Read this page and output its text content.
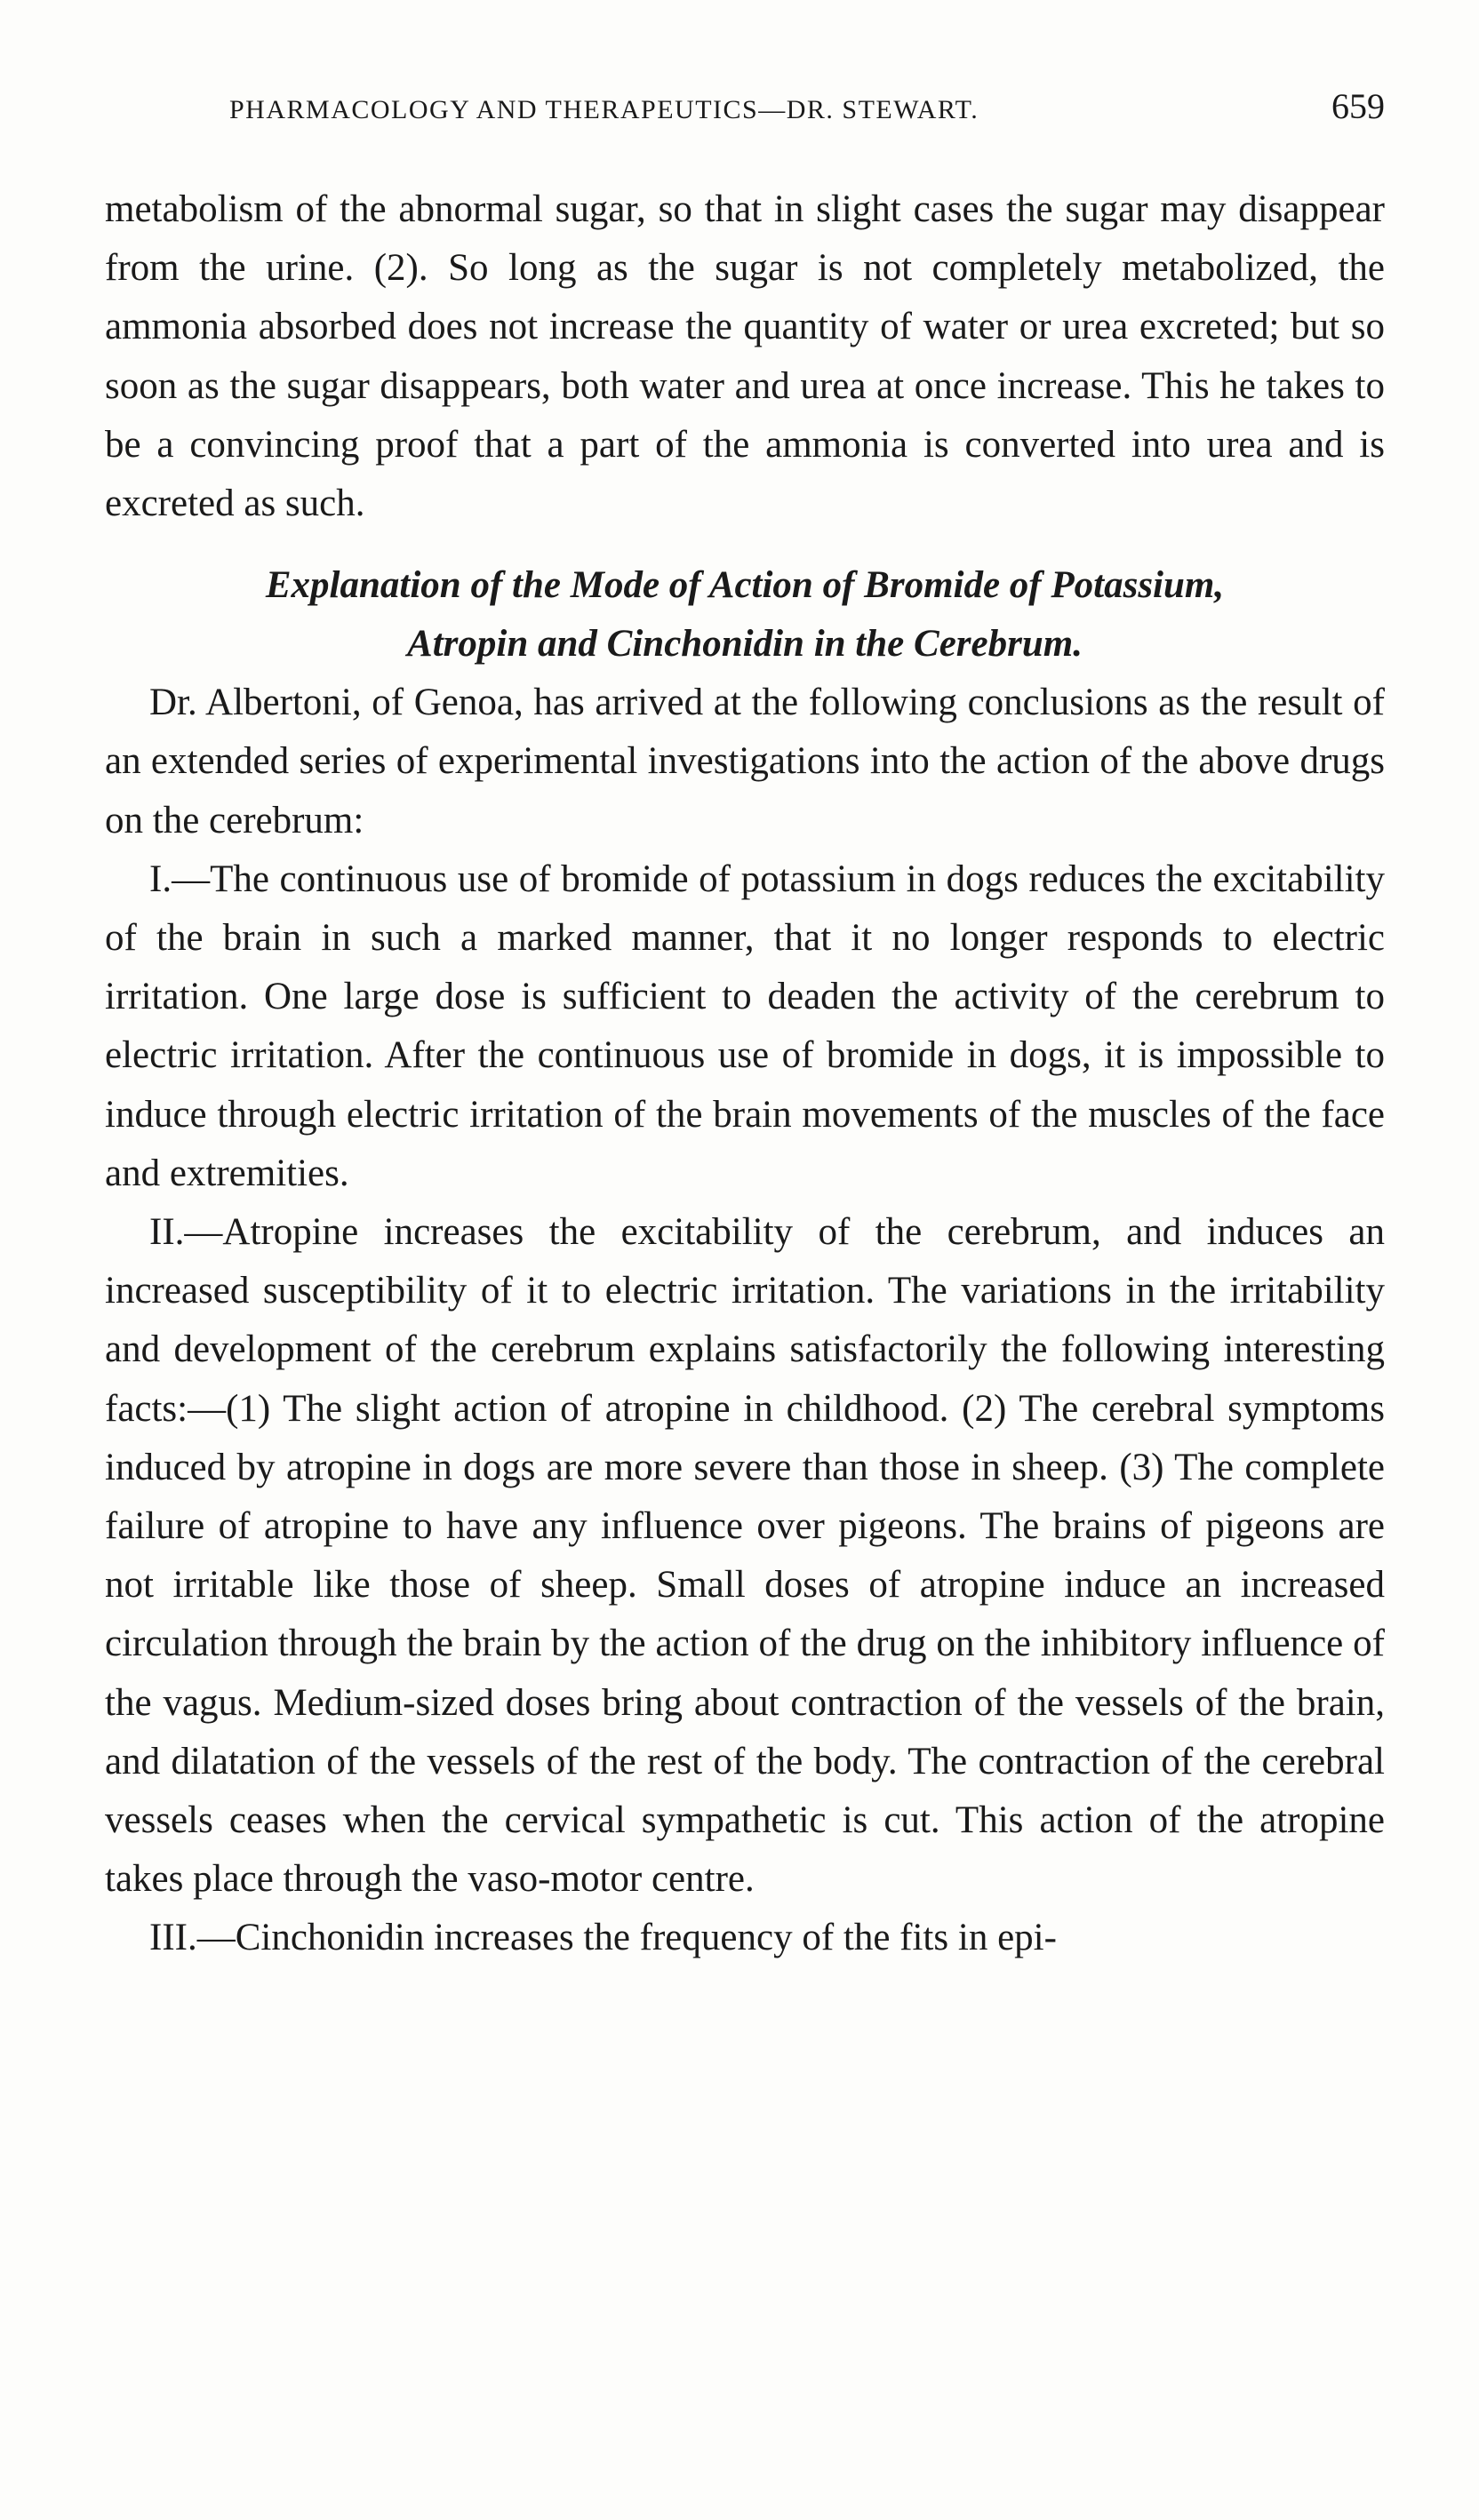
PHARMACOLOGY AND THERAPEUTICS—DR. STEWART.	659

metabolism of the abnormal sugar, so that in slight cases the sugar may disappear from the urine. (2). So long as the sugar is not completely metabolized, the ammonia absorbed does not increase the quantity of water or urea excreted; but so soon as the sugar disappears, both water and urea at once increase. This he takes to be a convincing proof that a part of the ammonia is converted into urea and is excreted as such.

Explanation of the Mode of Action of Bromide of Potassium,
Atropin and Cinchonidin in the Cerebrum.

Dr. Albertoni, of Genoa, has arrived at the following conclusions as the result of an extended series of experimental investigations into the action of the above drugs on the cerebrum:

I.—The continuous use of bromide of potassium in dogs reduces the excitability of the brain in such a marked manner, that it no longer responds to electric irritation. One large dose is sufficient to deaden the activity of the cerebrum to electric irritation. After the continuous use of bromide in dogs, it is impossible to induce through electric irritation of the brain movements of the muscles of the face and extremities.

II.—Atropine increases the excitability of the cerebrum, and induces an increased susceptibility of it to electric irritation. The variations in the irritability and development of the cerebrum explains satisfactorily the following interesting facts:—(1) The slight action of atropine in childhood. (2) The cerebral symptoms induced by atropine in dogs are more severe than those in sheep. (3) The complete failure of atropine to have any influence over pigeons. The brains of pigeons are not irritable like those of sheep. Small doses of atropine induce an increased circulation through the brain by the action of the drug on the inhibitory influence of the vagus. Medium-sized doses bring about contraction of the vessels of the brain, and dilatation of the vessels of the rest of the body. The contraction of the cerebral vessels ceases when the cervical sympathetic is cut. This action of the atropine takes place through the vaso-motor centre.

III.—Cinchonidin increases the frequency of the fits in epi-
